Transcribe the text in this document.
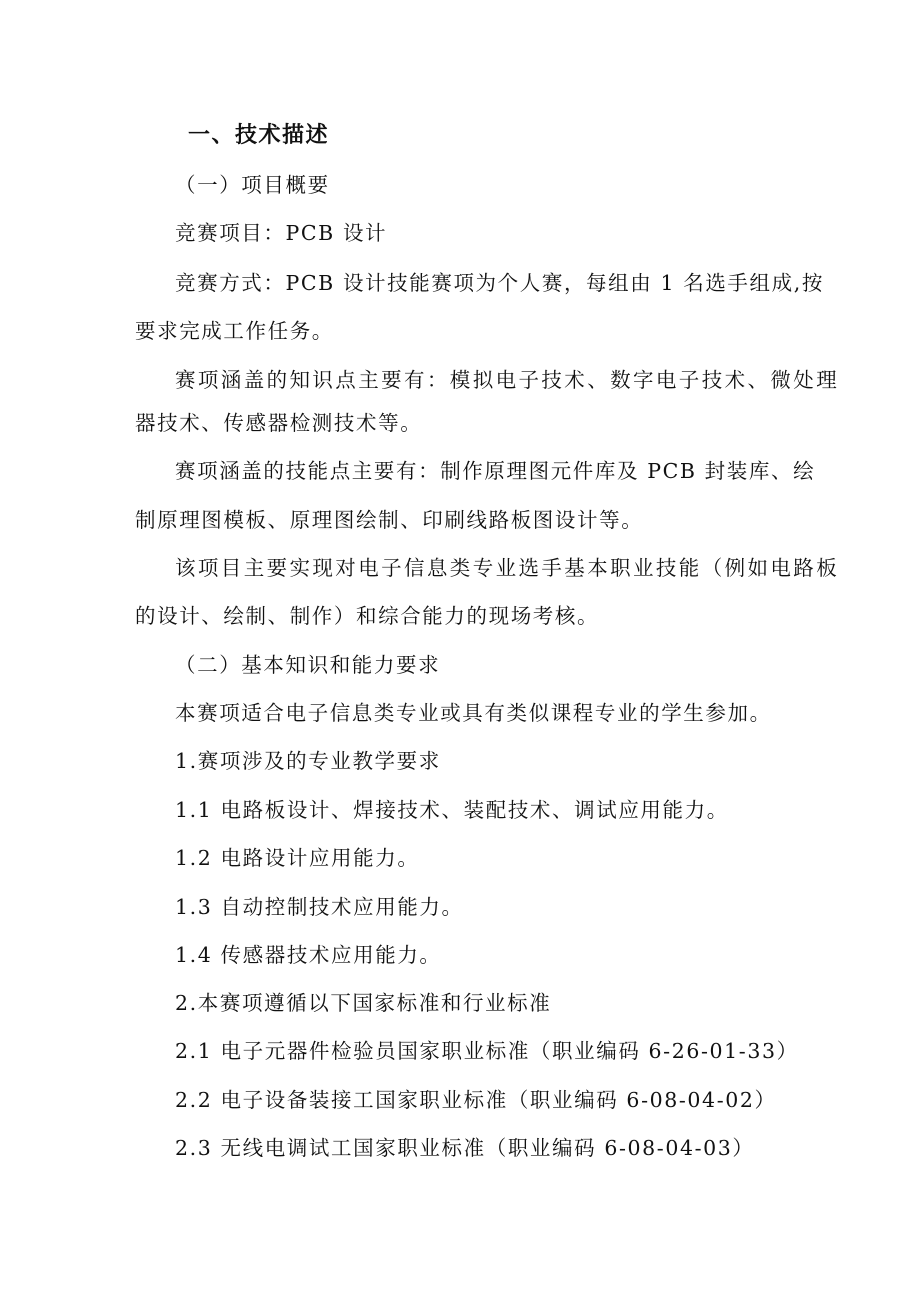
一、技术描述
（一）项目概要
竞赛项目：PCB 设计
竞赛方式：PCB 设计技能赛项为个人赛，每组由 1 名选手组成,按
要求完成工作任务。
赛项涵盖的知识点主要有：模拟电子技术、数字电子技术、微处理
器技术、传感器检测技术等。
赛项涵盖的技能点主要有：制作原理图元件库及 PCB 封装库、绘
制原理图模板、原理图绘制、印刷线路板图设计等。
该项目主要实现对电子信息类专业选手基本职业技能（例如电路板
的设计、绘制、制作）和综合能力的现场考核。
（二）基本知识和能力要求
本赛项适合电子信息类专业或具有类似课程专业的学生参加。
1.赛项涉及的专业教学要求
1.1 电路板设计、焊接技术、装配技术、调试应用能力。
1.2 电路设计应用能力。
1.3 自动控制技术应用能力。
1.4 传感器技术应用能力。
2.本赛项遵循以下国家标准和行业标准
2.1 电子元器件检验员国家职业标准（职业编码 6-26-01-33）
2.2 电子设备装接工国家职业标准（职业编码 6-08-04-02）
2.3 无线电调试工国家职业标准（职业编码 6-08-04-03）
